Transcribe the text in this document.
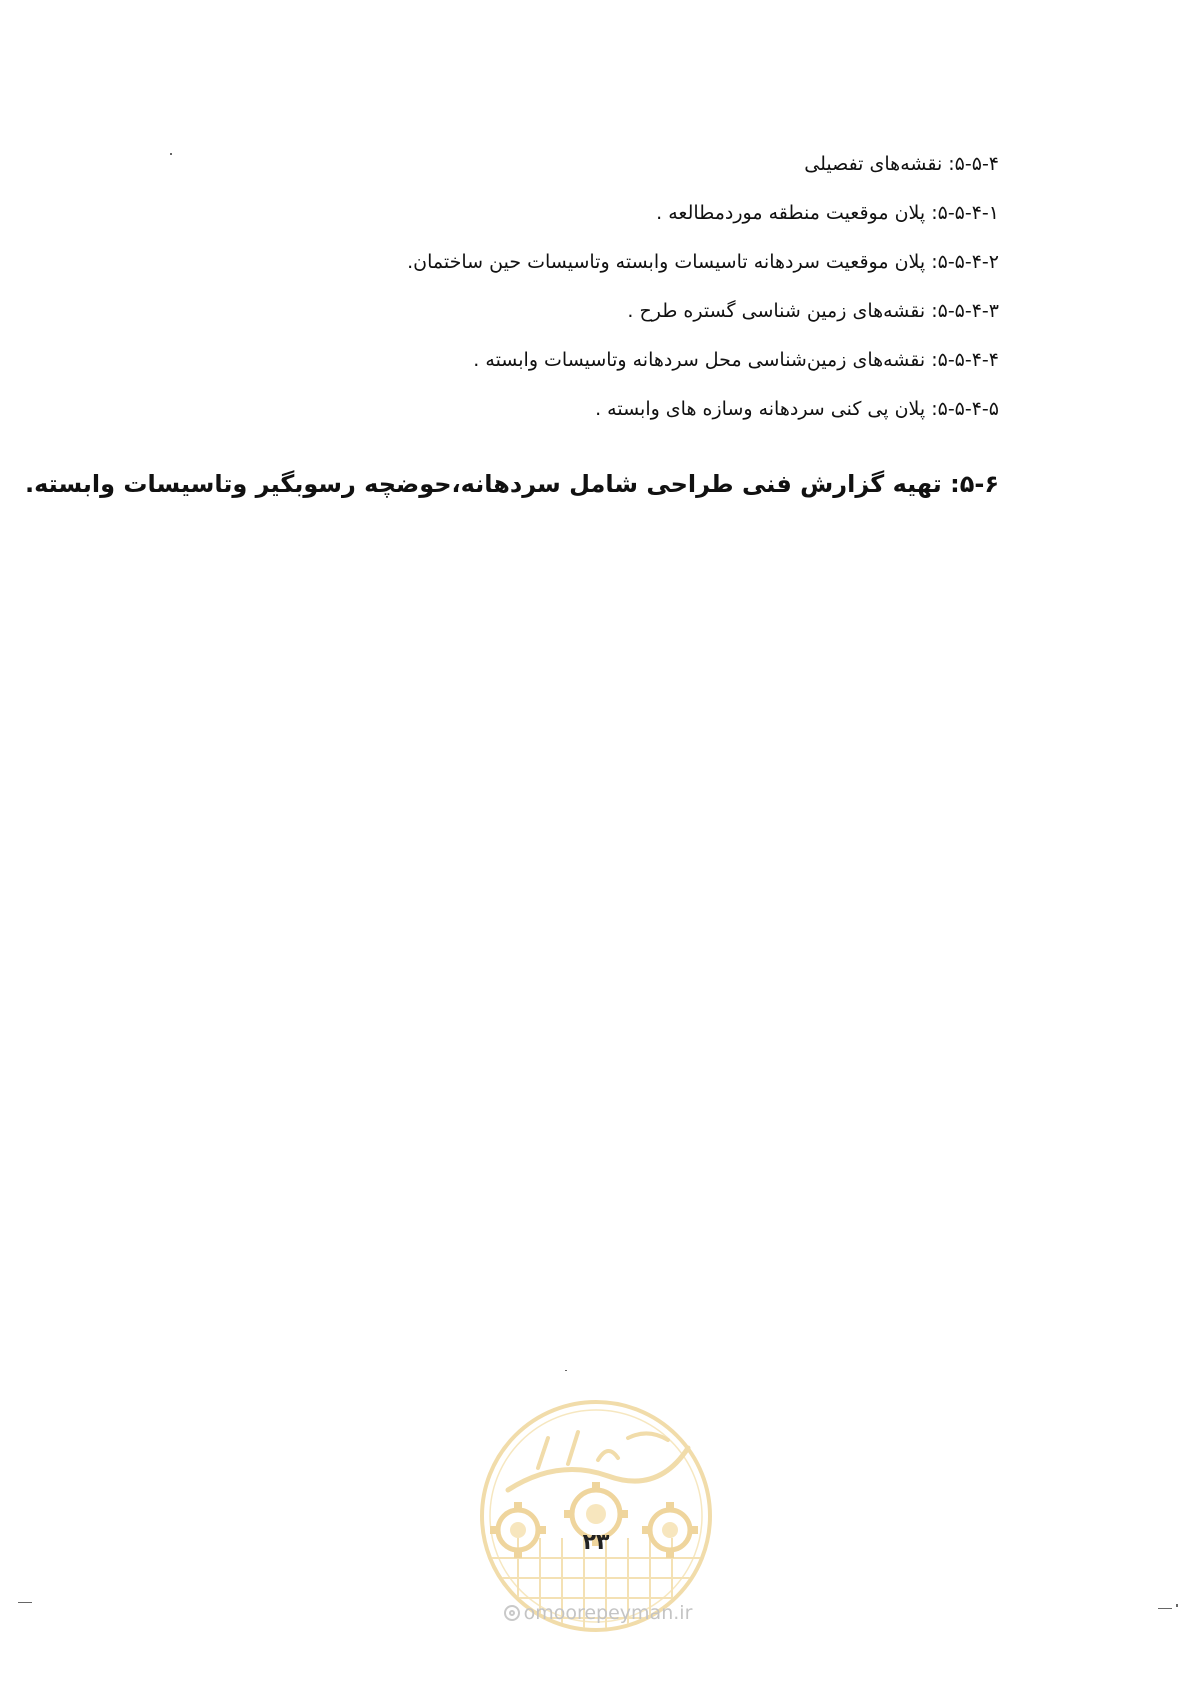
۵-۵-۴: نقشه‌های تفصیلی
۵-۵-۴-۱: پلان موقعیت منطقه موردمطالعه .
۵-۵-۴-۲: پلان موقعیت سردهانه تاسیسات وابسته وتاسیسات حین ساختمان.
۵-۵-۴-۳: نقشه‌های زمین شناسی گستره طرح .
۵-۵-۴-۴: نقشه‌های زمین‌شناسی محل سردهانه وتاسیسات وابسته .
۵-۵-۴-۵: پلان پی کنی سردهانه وسازه های وابسته .
۵-۶: تهیه گزارش فنی طراحی شامل سردهانه،حوضچه رسوبگیر وتاسیسات وابسته.
۲۳
omoorepeyman.ir
